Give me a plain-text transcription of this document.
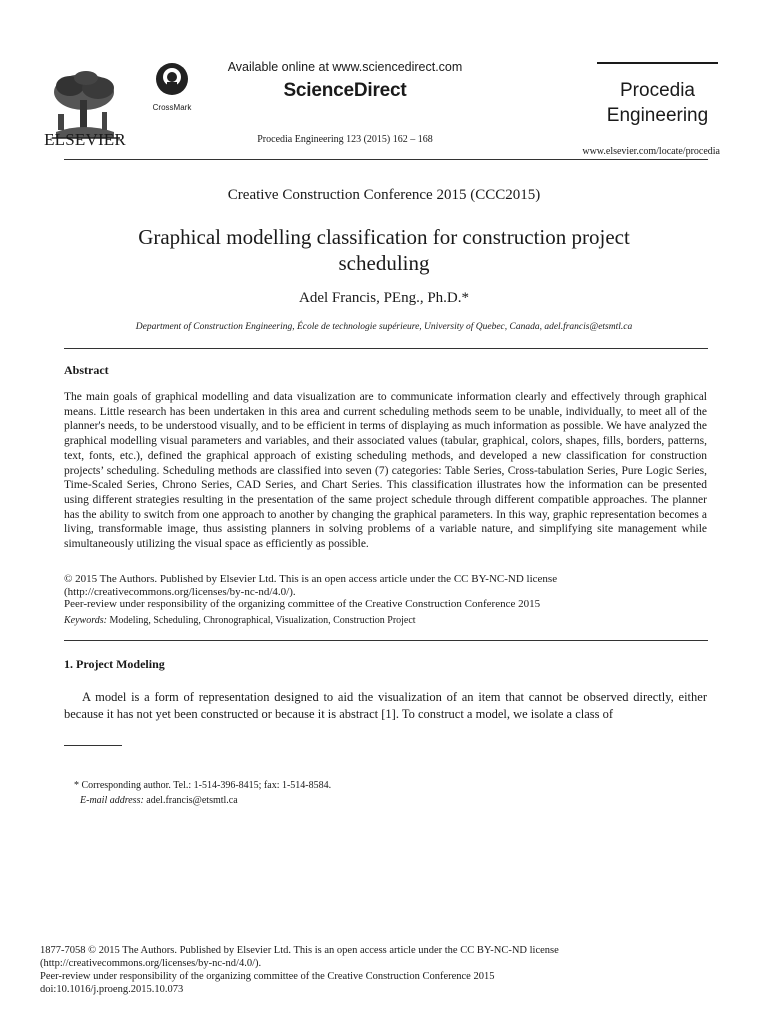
ELSEVIER
CrossMark
Available online at www.sciencedirect.com
ScienceDirect
Procedia Engineering 123 (2015) 162 – 168
Procedia
Engineering
www.elsevier.com/locate/procedia
Creative Construction Conference 2015 (CCC2015)
Graphical modelling classification for construction project
scheduling
Adel Francis, PEng., Ph.D.*
Department of Construction Engineering, École de technologie supérieure, University of Quebec, Canada, adel.francis@etsmtl.ca
Abstract
The main goals of graphical modelling and data visualization are to communicate information clearly and effectively through graphical means. Little research has been undertaken in this area and current scheduling methods seem to be unable, individually, to meet all of the planner's needs, to be understood visually, and to be efficient in terms of displaying as much information as possible. We have analyzed the graphical modelling visual parameters and variables, and their associated values (tabular, graphical, colors, shapes, fills, borders, patterns, text, fonts, etc.), defined the graphical approach of existing scheduling methods, and developed a new classification for construction projects’ scheduling. Scheduling methods are classified into seven (7) categories: Table Series, Cross-tabulation Series, Pure Logic Series, Time-Scaled Series, Chrono Series, CAD Series, and Chart Series. This classification illustrates how the information can be presented using different strategies resulting in the presentation of the same project schedule through different compatible approaches. The planner has the ability to switch from one approach to another by changing the graphical parameters. In this way, graphic representation becomes a living, transformable image, thus assisting planners in solving problems of a variable nature, and simplifying site management while simultaneously utilizing the visual space as efficiently as possible.
© 2015 The Authors. Published by Elsevier Ltd. This is an open access article under the CC BY-NC-ND license
(http://creativecommons.org/licenses/by-nc-nd/4.0/).
Peer-review under responsibility of the organizing committee of the Creative Construction Conference 2015
Keywords: Modeling, Scheduling, Chronographical, Visualization, Construction Project
1. Project Modeling
A model is a form of representation designed to aid the visualization of an item that cannot be observed directly, either because it has not yet been constructed or because it is abstract [1]. To construct a model, we isolate a class of
* Corresponding author. Tel.: 1-514-396-8415; fax: 1-514-8584.
E-mail address: adel.francis@etsmtl.ca
1877-7058 © 2015 The Authors. Published by Elsevier Ltd. This is an open access article under the CC BY-NC-ND license
(http://creativecommons.org/licenses/by-nc-nd/4.0/).
Peer-review under responsibility of the organizing committee of the Creative Construction Conference 2015
doi:10.1016/j.proeng.2015.10.073
